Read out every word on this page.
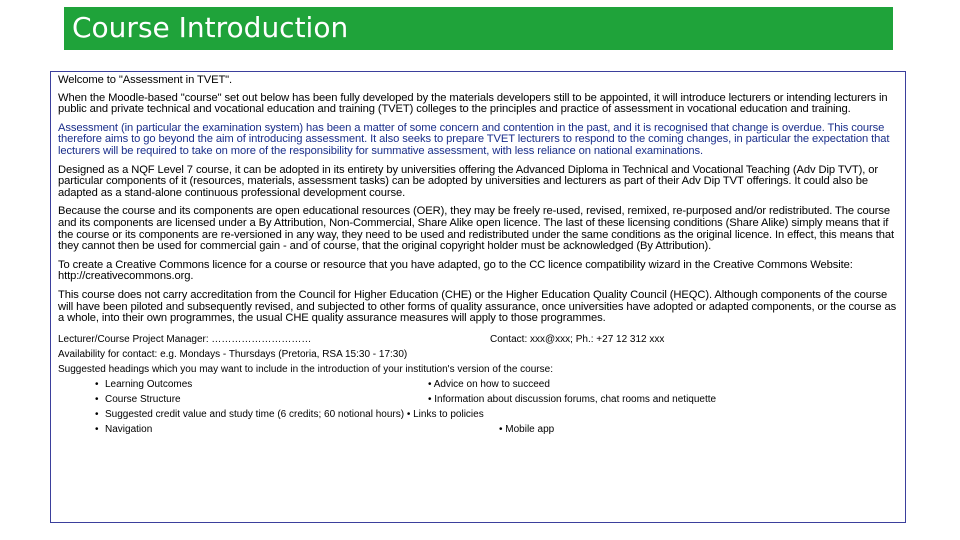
Course Introduction

Welcome to "Assessment in TVET".

When the Moodle-based "course" set out below has been fully developed by the materials developers still to be appointed, it will introduce lecturers or intending lecturers in public and private technical and vocational education and training (TVET) colleges to the principles and practice of assessment in vocational education and training.

Assessment (in particular the examination system) has been a matter of some concern and contention in the past, and it is recognised that change is overdue. This course therefore aims to go beyond the aim of introducing assessment. It also seeks to prepare TVET lecturers to respond to the coming changes, in particular the expectation that lecturers will be required to take on more of the responsibility for summative assessment, with less reliance on national examinations.

Designed as a NQF Level 7 course, it can be adopted in its entirety by universities offering the Advanced Diploma in Technical and Vocational Teaching (Adv Dip TVT), or particular components of it (resources, materials, assessment tasks) can be adopted by universities and lecturers as part of their Adv Dip TVT offerings. It could also be adapted as a stand-alone continuous professional development course.

Because the course and its components are open educational resources (OER), they may be freely re-used, revised, remixed, re-purposed and/or redistributed. The course and its components are licensed under a By Attribution, Non-Commercial, Share Alike open licence. The last of these licensing conditions (Share Alike) simply means that if the course or its components are re-versioned in any way, they need to be used and redistributed under the same conditions as the original licence. In effect, this means that they cannot then be used for commercial gain - and of course, that the original copyright holder must be acknowledged (By Attribution).

To create a Creative Commons licence for a course or resource that you have adapted, go to the CC licence compatibility wizard in the Creative Commons Website: http://creativecommons.org.

This course does not carry accreditation from the Council for Higher Education (CHE) or the Higher Education Quality Council (HEQC). Although components of the course will have been piloted and subsequently revised, and subjected to other forms of quality assurance, once universities have adopted or adapted components, or the course as a whole, into their own programmes, the usual CHE quality assurance measures will apply to those programmes.

Lecturer/Course Project Manager: …………………………	Contact: xxx@xxx; Ph.: +27 12 312 xxx
Availability for contact: e.g. Mondays - Thursdays (Pretoria, RSA 15:30 - 17:30)
Suggested headings which you may want to include in the introduction of your institution's version of the course:
• Learning Outcomes	• Advice on how to succeed
• Course Structure	• Information about discussion forums, chat rooms and netiquette
• Suggested credit value and study time (6 credits; 60 notional hours) • Links to policies
• Navigation	• Mobile app
